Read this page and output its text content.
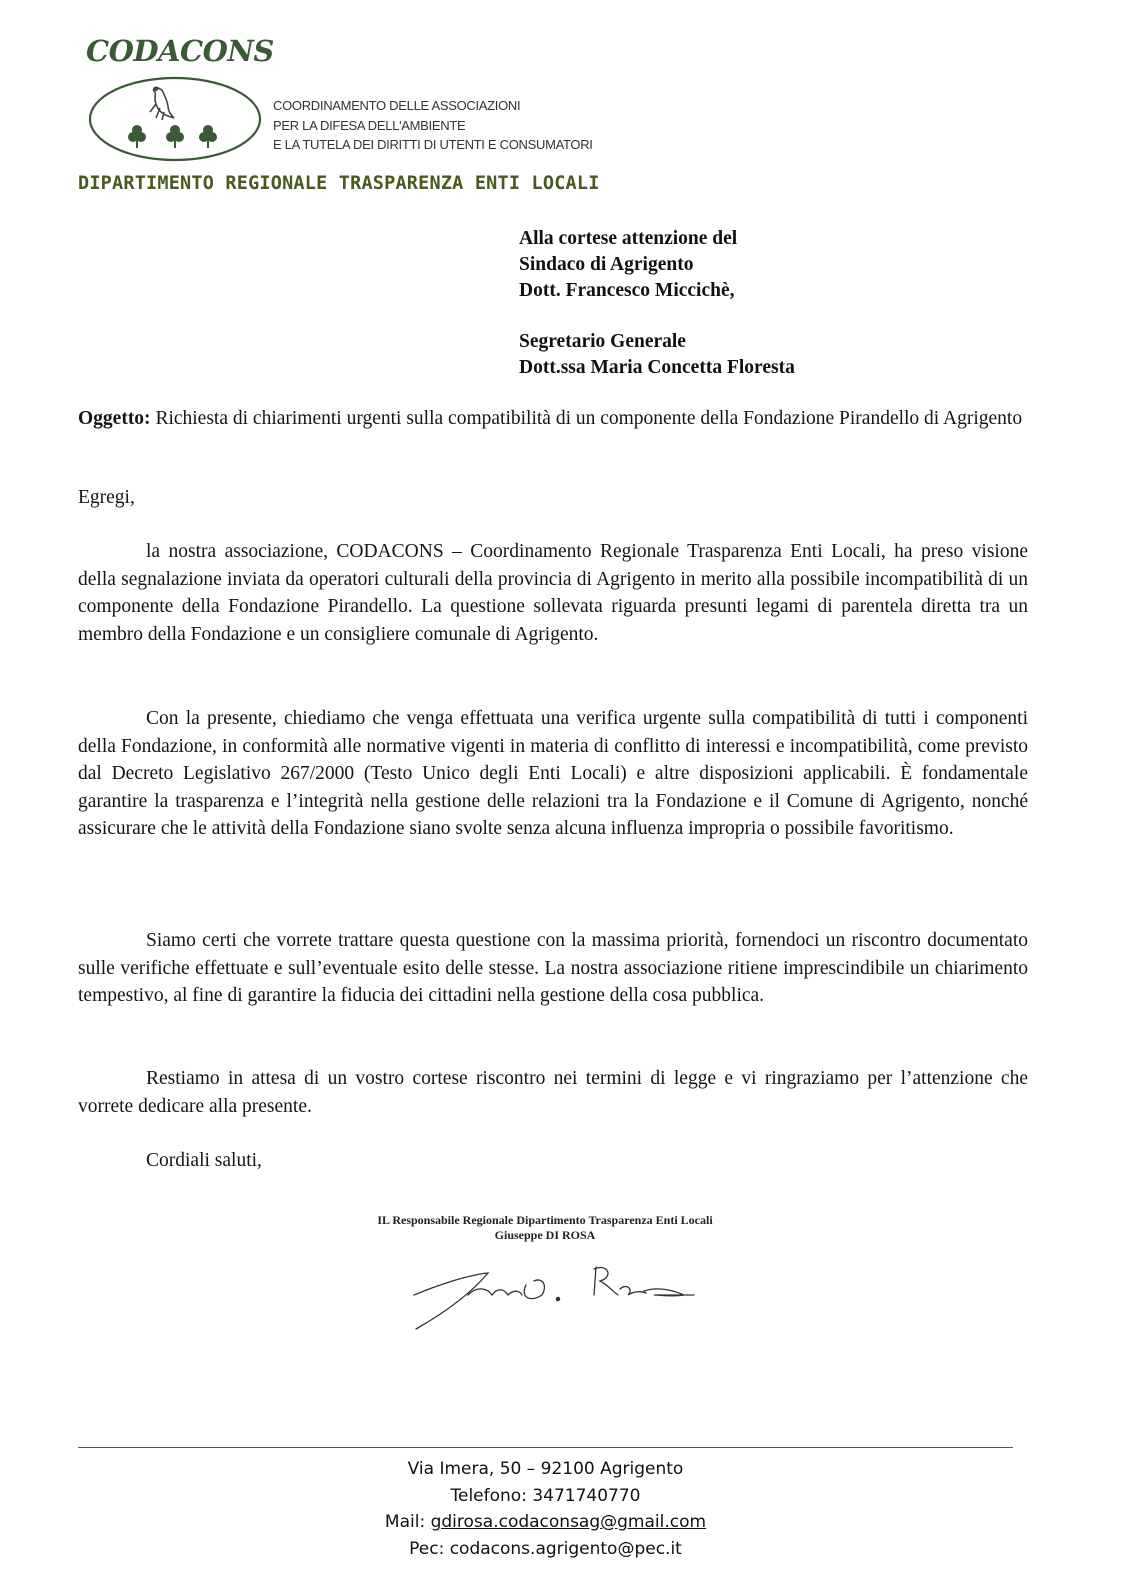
CODACONS
COORDINAMENTO DELLE ASSOCIAZIONI
PER LA DIFESA DELL'AMBIENTE
E LA TUTELA DEI DIRITTI DI UTENTI E CONSUMATORI
DIPARTIMENTO REGIONALE TRASPARENZA ENTI LOCALI
Alla cortese attenzione del
Sindaco di Agrigento
Dott. Francesco Miccichè,
Segretario Generale
Dott.ssa Maria Concetta Floresta
Oggetto: Richiesta di chiarimenti urgenti sulla compatibilità di un componente della Fondazione Pirandello di Agrigento
Egregi,
la nostra associazione, CODACONS – Coordinamento Regionale Trasparenza Enti Locali, ha preso visione della segnalazione inviata da operatori culturali della provincia di Agrigento in merito alla possibile incompatibilità di un componente della Fondazione Pirandello. La questione sollevata riguarda presunti legami di parentela diretta tra un membro della Fondazione e un consigliere comunale di Agrigento.
Con la presente, chiediamo che venga effettuata una verifica urgente sulla compatibilità di tutti i componenti della Fondazione, in conformità alle normative vigenti in materia di conflitto di interessi e incompatibilità, come previsto dal Decreto Legislativo 267/2000 (Testo Unico degli Enti Locali) e altre disposizioni applicabili. È fondamentale garantire la trasparenza e l’integrità nella gestione delle relazioni tra la Fondazione e il Comune di Agrigento, nonché assicurare che le attività della Fondazione siano svolte senza alcuna influenza impropria o possibile favoritismo.
Siamo certi che vorrete trattare questa questione con la massima priorità, fornendoci un riscontro documentato sulle verifiche effettuate e sull’eventuale esito delle stesse. La nostra associazione ritiene imprescindibile un chiarimento tempestivo, al fine di garantire la fiducia dei cittadini nella gestione della cosa pubblica.
Restiamo in attesa di un vostro cortese riscontro nei termini di legge e vi ringraziamo per l’attenzione che vorrete dedicare alla presente.
Cordiali saluti,
IL Responsabile Regionale Dipartimento Trasparenza Enti Locali
Giuseppe DI ROSA
Via Imera, 50 – 92100 Agrigento
Telefono: 3471740770
Mail: gdirosa.codaconsag@gmail.com
Pec: codacons.agrigento@pec.it
